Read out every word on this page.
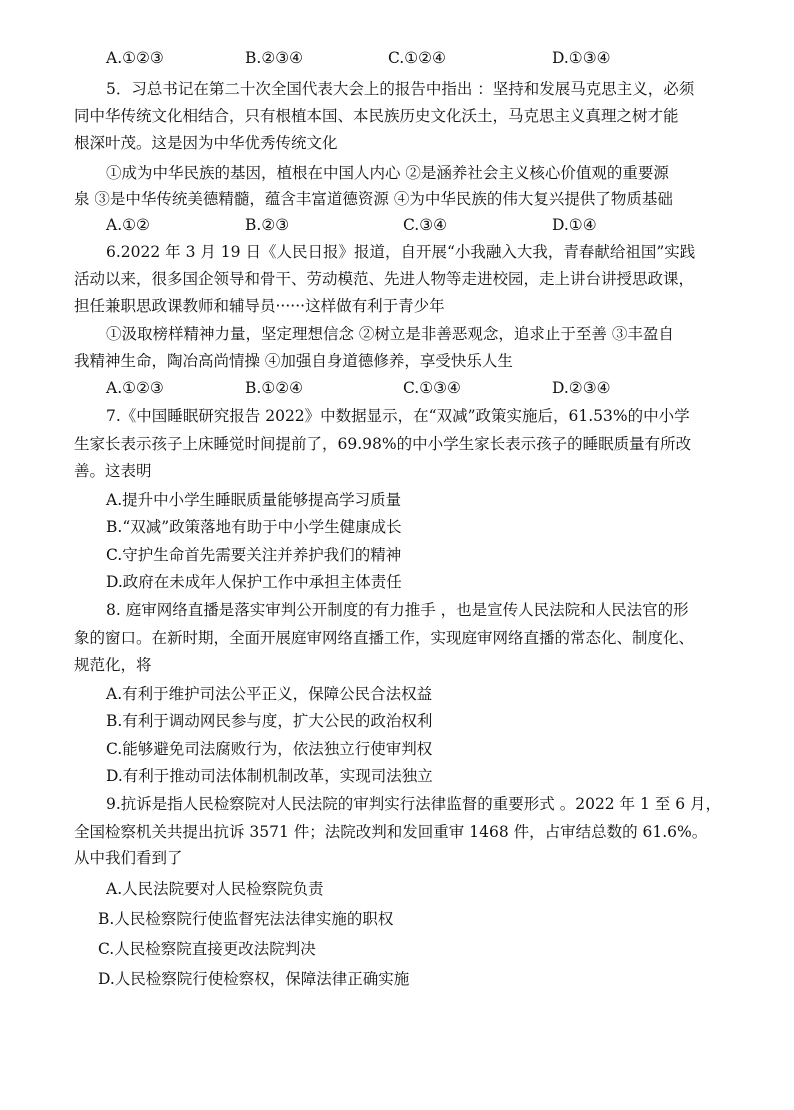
A.①②③	B.②③④	C.①②④	D.①③④
5．习总书记在第二十次全国代表大会上的报告中指出 ：坚持和发展马克思主义，必须
同中华传统文化相结合，只有根植本国、本民族历史文化沃土，马克思主义真理之树才能
根深叶茂。这是因为中华优秀传统文化
①成为中华民族的基因，植根在中国人内心 ②是涵养社会主义核心价值观的重要源
泉 ③是中华传统美德精髓，蕴含丰富道德资源 ④为中华民族的伟大复兴提供了物质基础
A.①②	B.②③	C.③④	D.①④
6.2022 年 3 月 19 日《人民日报》报道，自开展“小我融入大我，青春献给祖国”实践
活动以来，很多国企领导和骨干、劳动模范、先进人物等走进校园，走上讲台讲授思政课，
担任兼职思政课教师和辅导员······这样做有利于青少年
①汲取榜样精神力量，坚定理想信念 ②树立是非善恶观念，追求止于至善 ③丰盈自
我精神生命，陶冶高尚情操 ④加强自身道德修养，享受快乐人生
A.①②③	B.①②④	C.①③④	D.②③④
7.《中国睡眠研究报告 2022》中数据显示，在“双减”政策实施后，61.53%的中小学
生家长表示孩子上床睡觉时间提前了，69.98%的中小学生家长表示孩子的睡眠质量有所改
善。这表明
A.提升中小学生睡眠质量能够提高学习质量
B.“双减”政策落地有助于中小学生健康成长
C.守护生命首先需要关注并养护我们的精神
D.政府在未成年人保护工作中承担主体责任
8. 庭审网络直播是落实审判公开制度的有力推手 ，也是宣传人民法院和人民法官的形
象的窗口。在新时期，全面开展庭审网络直播工作，实现庭审网络直播的常态化、制度化、
规范化，将
A.有利于维护司法公平正义，保障公民合法权益
B.有利于调动网民参与度，扩大公民的政治权利
C.能够避免司法腐败行为，依法独立行使审判权
D.有利于推动司法体制机制改革，实现司法独立
9.抗诉是指人民检察院对人民法院的审判实行法律监督的重要形式 。2022 年 1 至 6 月，
全国检察机关共提出抗诉 3571 件；法院改判和发回重审 1468 件，占审结总数的 61.6%。
从中我们看到了
A.人民法院要对人民检察院负责
B.人民检察院行使监督宪法法律实施的职权
C.人民检察院直接更改法院判决
D.人民检察院行使检察权，保障法律正确实施
